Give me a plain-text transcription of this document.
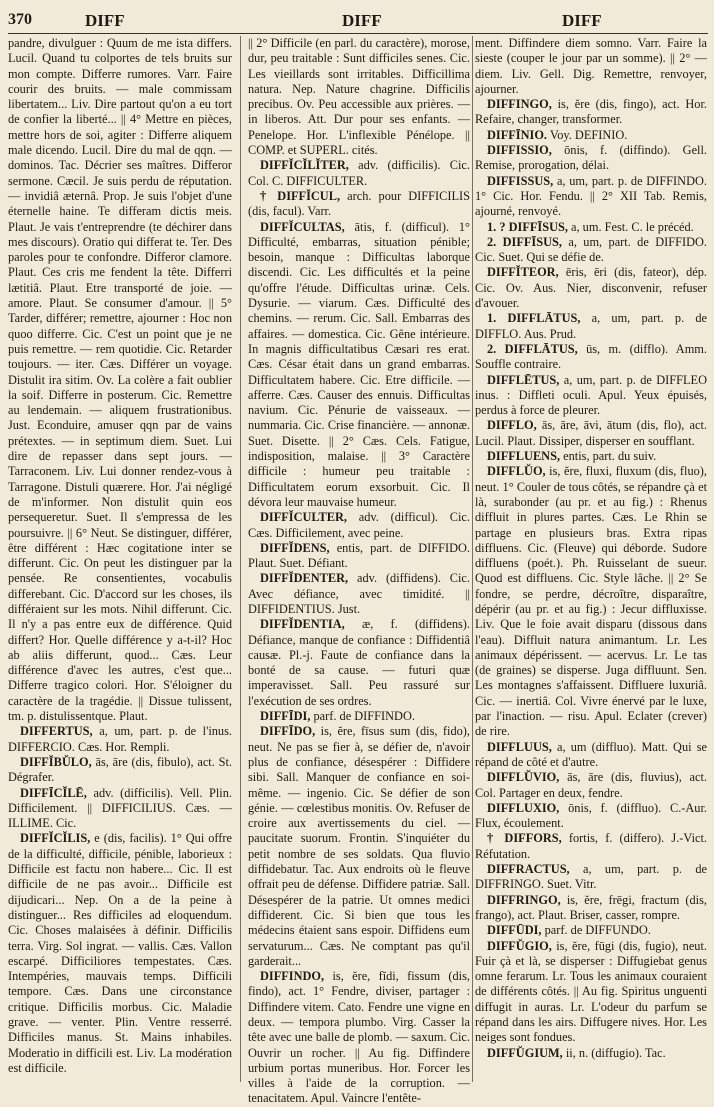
370	DIFF	DIFF	DIFF

pandre, divulguer : Quum de me ista differs. Lucil. Quand tu colportes de tels bruits sur mon compte. Differre rumores. Varr. Faire courir des bruits. — male commissam libertatem... Liv. Dire partout qu'on a eu tort de confier la liberté... || 4° Mettre en pièces, mettre hors de soi, agiter : Differre aliquem male dicendo. Lucil. Dire du mal de qqn. — dominos. Tac. Décrier ses maîtres. Differor sermone. Cæcil. Je suis perdu de réputation. — invidiâ æternâ. Prop. Je suis l'objet d'une éternelle haine. Te differam dictis meis. Plaut. Je vais t'entreprendre (te déchirer dans mes discours). Oratio qui differat te. Ter. Des paroles pour te confondre. Differor clamore. Plaut. Ces cris me fendent la tête. Differri lætitiâ. Plaut. Etre transporté de joie. — amore. Plaut. Se consumer d'amour. || 5° Tarder, différer; remettre, ajourner : Hoc non quoo differre. Cic. C'est un point que je ne puis remettre. — rem quotidie. Cic. Retarder toujours. — iter. Cæs. Différer un voyage. Distulit ira sitim. Ov. La colère a fait oublier la soif. Differre in posterum. Cic. Remettre au lendemain. — aliquem frustrationibus. Just. Econduire, amuser qqn par de vains prétextes. — in septimum diem. Suet. Lui dire de repasser dans sept jours. — Tarraconem. Liv. Lui donner rendez-vous à Tarragone. Distuli quærere. Hor. J'ai négligé de m'informer. Non distulit quin eos persequeretur. Suet. Il s'empressa de les poursuivre. || 6° Neut. Se distinguer, différer, être différent : Hæc cogitatione inter se differunt. Cic. On peut les distinguer par la pensée. Re consentientes, vocabulis differebant. Cic. D'accord sur les choses, ils différaient sur les mots. Nihil differunt. Cic. Il n'y a pas entre eux de différence. Quid differt? Hor. Quelle différence y a-t-il? Hoc ab aliis differunt, quod... Cæs. Leur différence d'avec les autres, c'est que... Differre tragico colori. Hor. S'éloigner du caractère de la tragédie. || Dissue tulissent, tm. p. distulissentque. Plaut.

DIFFERTUS, a, um, part. p. de l'inus. DIFFERCIO. Cæs. Hor. Rempli.

DIFFĬBŬLO, ās, āre (dis, fibulo), act. St. Dégrafer.

DIFFĪCĬLĒ, adv. (difficilis). Vell. Plin. Difficilement. || DIFFICILIUS. Cæs. — ILLIME. Cic.

DIFFĬCĬLIS, e (dis, facilis). 1° Qui offre de la difficulté, difficile, pénible, laborieux : Difficile est factu non habere... Cic. Il est difficile de ne pas avoir... Difficile est dijudicari... Nep. On a de la peine à distinguer... Res difficiles ad eloquendum. Cic. Choses malaisées à définir. Difficilis terra. Virg. Sol ingrat. — vallis. Cæs. Vallon escarpé. Difficiliores tempestates. Cæs. Intempéries, mauvais temps. Difficili tempore. Cæs. Dans une circonstance critique. Difficilis morbus. Cic. Maladie grave. — venter. Plin. Ventre resserré. Difficiles manus. St. Mains inhabiles. Moderatio in difficili est. Liv. La modération est difficile.

|| 2° Difficile (en parl. du caractère), morose, dur, peu traitable : Sunt difficiles senes. Cic. Les vieillards sont irritables. Difficillima natura. Nep. Nature chagrine. Difficilis precibus. Ov. Peu accessible aux prières. — in liberos. Att. Dur pour ses enfants. — Penelope. Hor. L'inflexible Pénélope. || COMP. et SUPERL. cités.

DIFFĬCĬLĬTER, adv. (difficilis). Cic. Col. C. DIFFICULTER.

† DIFFĬCUL, arch. pour DIFFICILIS (dis, facul). Varr.

DIFFĬCULTAS, ātis, f. (difficul). 1° Difficulté, embarras, situation pénible; besoin, manque : Difficultas laborque discendi. Cic. Les difficultés et la peine qu'offre l'étude. Difficultas urinæ. Cels. Dysurie. — viarum. Cæs. Difficulté des chemins. — rerum. Cic. Sall. Embarras des affaires. — domestica. Cic. Gêne intérieure. In magnis difficultatibus Cæsari res erat. Cæs. César était dans un grand embarras. Difficultatem habere. Cic. Etre difficile. — afferre. Cæs. Causer des ennuis. Difficultas navium. Cic. Pénurie de vaisseaux. — nummaria. Cic. Crise financière. — annonæ. Suet. Disette. || 2° Cæs. Cels. Fatigue, indisposition, malaise. || 3° Caractère difficile : humeur peu traitable : Difficultatem eorum exsorbuit. Cic. Il dévora leur mauvaise humeur.

DIFFĬCULTER, adv. (difficul). Cic. Cæs. Difficilement, avec peine.

DIFFĬDENS, entis, part. de DIFFIDO. Plaut. Suet. Défiant.

DIFFĬDENTER, adv. (diffidens). Cic. Avec défiance, avec timidité. || DIFFIDENTIUS. Just.

DIFFĬDENTIA, æ, f. (diffidens). Défiance, manque de confiance : Diffidentiâ causæ. Pl.-j. Faute de confiance dans la bonté de sa cause. — futuri quæ imperavisset. Sall. Peu rassuré sur l'exécution de ses ordres.

DIFFĪDI, parf. de DIFFINDO.

DIFFĪDO, is, ĕre, fīsus sum (dis, fido), neut. Ne pas se fier à, se défier de, n'avoir plus de confiance, désespérer : Diffidere sibi. Sall. Manquer de confiance en soi-même. — ingenio. Cic. Se défier de son génie. — cœlestibus monitis. Ov. Refuser de croire aux avertissements du ciel. — paucitate suorum. Frontin. S'inquiéter du petit nombre de ses soldats. Qua fluvio diffidebatur. Tac. Aux endroits où le fleuve offrait peu de défense. Diffidere patriæ. Sall. Désespérer de la patrie. Ut omnes medici diffiderent. Cic. Si bien que tous les médecins étaient sans espoir. Diffidens eum servaturum... Cæs. Ne comptant pas qu'il garderait...

DIFFINDO, is, ĕre, fĭdi, fissum (dis, findo), act. 1° Fendre, diviser, partager : Diffindere vitem. Cato. Fendre une vigne en deux. — tempora plumbo. Virg. Casser la tête avec une balle de plomb. — saxum. Cic. Ouvrir un rocher. || Au fig. Diffindere urbium portas muneribus. Hor. Forcer les villes à l'aide de la corruption. — tenacitatem. Apul. Vaincre l'entête-

ment. Diffindere diem somno. Varr. Faire la sieste (couper le jour par un somme). || 2° — diem. Liv. Gell. Dig. Remettre, renvoyer, ajourner.

DIFFINGO, is, ĕre (dis, fingo), act. Hor. Refaire, changer, transformer.

DIFFĪNIO. Voy. DEFINIO.

DIFFISSIO, ōnis, f. (diffindo). Gell. Remise, prorogation, délai.

DIFFISSUS, a, um, part. p. de DIFFINDO. 1° Cic. Hor. Fendu. || 2° XII Tab. Remis, ajourné, renvoyé.

1. ? DIFFĪSUS, a, um. Fest. C. le précéd.

2. DIFFĪSUS, a, um, part. de DIFFIDO. Cic. Suet. Qui se défie de.

DIFFĬTEOR, ēris, ēri (dis, fateor), dép. Cic. Ov. Aus. Nier, disconvenir, refuser d'avouer.

1. DIFFLĀTUS, a, um, part. p. de DIFFLO. Aus. Prud.

2. DIFFLĀTUS, ūs, m. (difflo). Amm. Souffle contraire.

DIFFLĒTUS, a, um, part. p. de DIFFLEO inus. : Diffleti oculi. Apul. Yeux épuisés, perdus à force de pleurer.

DIFFLO, ās, āre, āvi, ātum (dis, flo), act. Lucil. Plaut. Dissiper, disperser en soufflant.

DIFFLUENS, entis, part. du suiv.

DIFFLŬO, is, ĕre, fluxi, fluxum (dis, fluo), neut. 1° Couler de tous côtés, se répandre çà et là, surabonder (au pr. et au fig.) : Rhenus diffluit in plures partes. Cæs. Le Rhin se partage en plusieurs bras. Extra ripas diffluens. Cic. (Fleuve) qui déborde. Sudore diffluens (poét.). Ph. Ruisselant de sueur. Quod est diffluens. Cic. Style lâche. || 2° Se fondre, se perdre, décroître, disparaître, dépérir (au pr. et au fig.) : Jecur diffluxisse. Liv. Que le foie avait disparu (dissous dans l'eau). Diffluit natura animantum. Lr. Les animaux dépérissent. — acervus. Lr. Le tas (de graines) se disperse. Juga diffluunt. Sen. Les montagnes s'affaissent. Diffluere luxuriâ. Cic. — inertiâ. Col. Vivre énervé par le luxe, par l'inaction. — risu. Apul. Eclater (crever) de rire.

DIFFLUUS, a, um (diffluo). Matt. Qui se répand de côté et d'autre.

DIFFLŬVIO, ās, āre (dis, fluvius), act. Col. Partager en deux, fendre.

DIFFLUXIO, ōnis, f. (diffluo). C.-Aur. Flux, écoulement.

† DIFFORS, fortis, f. (differo). J.-Vict. Réfutation.

DIFFRACTUS, a, um, part. p. de DIFFRINGO. Suet. Vitr.

DIFFRINGO, is, ĕre, frēgi, fractum (dis, frango), act. Plaut. Briser, casser, rompre.

DIFFŪDI, parf. de DIFFUNDO.

DIFFŬGIO, is, ĕre, fūgi (dis, fugio), neut. Fuir çà et là, se disperser : Diffugiebat genus omne ferarum. Lr. Tous les animaux couraient de différents côtés. || Au fig. Spiritus unguenti diffugit in auras. Lr. L'odeur du parfum se répand dans les airs. Diffugere nives. Hor. Les neiges sont fondues.

DIFFŬGIUM, ii, n. (diffugio). Tac.
